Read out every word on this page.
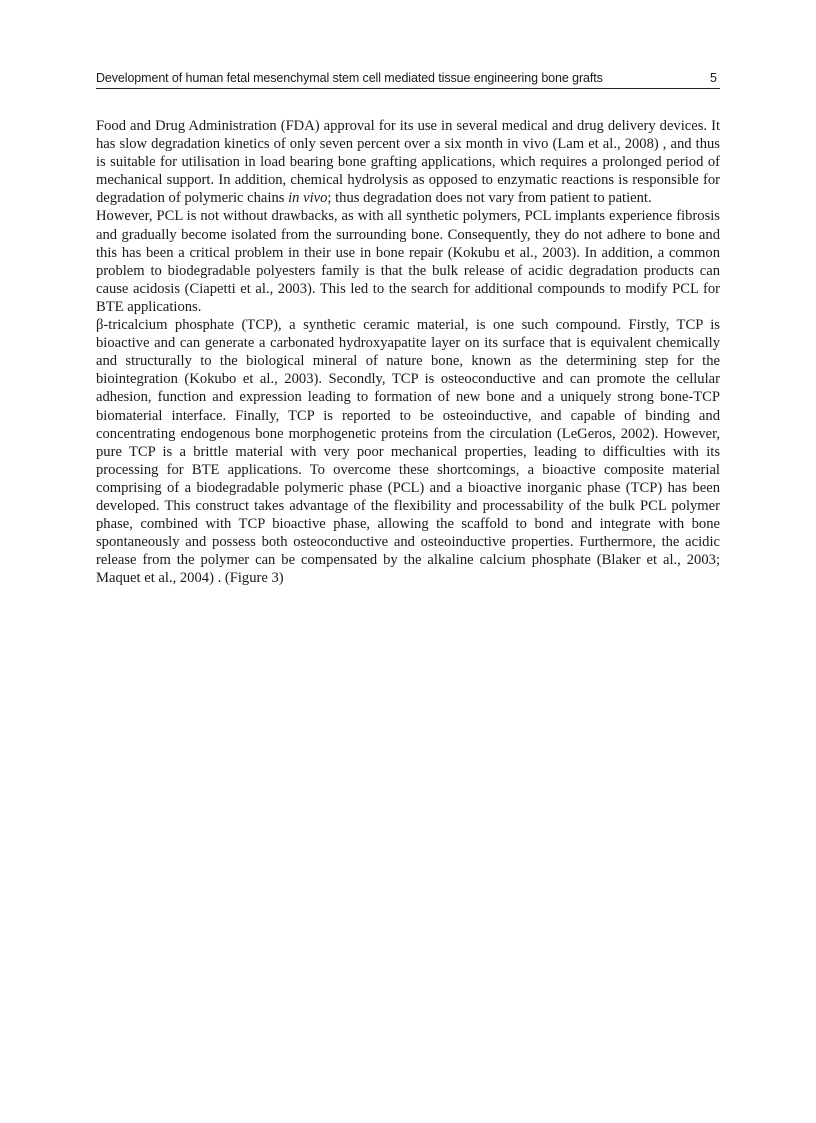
Development of human fetal mesenchymal stem cell mediated tissue engineering bone grafts	5

Food and Drug Administration (FDA) approval for its use in several medical and drug delivery devices. It has slow degradation kinetics of only seven percent over a six month in vivo (Lam et al., 2008) , and thus is suitable for utilisation in load bearing bone grafting applications, which requires a prolonged period of mechanical support. In addition, chemical hydrolysis as opposed to enzymatic reactions is responsible for degradation of polymeric chains in vivo; thus degradation does not vary from patient to patient.

However, PCL is not without drawbacks, as with all synthetic polymers, PCL implants experience fibrosis and gradually become isolated from the surrounding bone. Consequently, they do not adhere to bone and this has been a critical problem in their use in bone repair (Kokubu et al., 2003). In addition, a common problem to biodegradable polyesters family is that the bulk release of acidic degradation products can cause acidosis (Ciapetti et al., 2003). This led to the search for additional compounds to modify PCL for BTE applications.

β-tricalcium phosphate (TCP), a synthetic ceramic material, is one such compound. Firstly, TCP is bioactive and can generate a carbonated hydroxyapatite layer on its surface that is equivalent chemically and structurally to the biological mineral of nature bone, known as the determining step for the biointegration (Kokubo et al., 2003). Secondly, TCP is osteoconductive and can promote the cellular adhesion, function and expression leading to formation of new bone and a uniquely strong bone-TCP biomaterial interface. Finally, TCP is reported to be osteoinductive, and capable of binding and concentrating endogenous bone morphogenetic proteins from the circulation (LeGeros, 2002). However, pure TCP is a brittle material with very poor mechanical properties, leading to difficulties with its processing for BTE applications. To overcome these shortcomings, a bioactive composite material comprising of a biodegradable polymeric phase (PCL) and a bioactive inorganic phase (TCP) has been developed. This construct takes advantage of the flexibility and processability of the bulk PCL polymer phase, combined with TCP bioactive phase, allowing the scaffold to bond and integrate with bone spontaneously and possess both osteoconductive and osteoinductive properties. Furthermore, the acidic release from the polymer can be compensated by the alkaline calcium phosphate (Blaker et al., 2003; Maquet et al., 2004) . (Figure 3)
